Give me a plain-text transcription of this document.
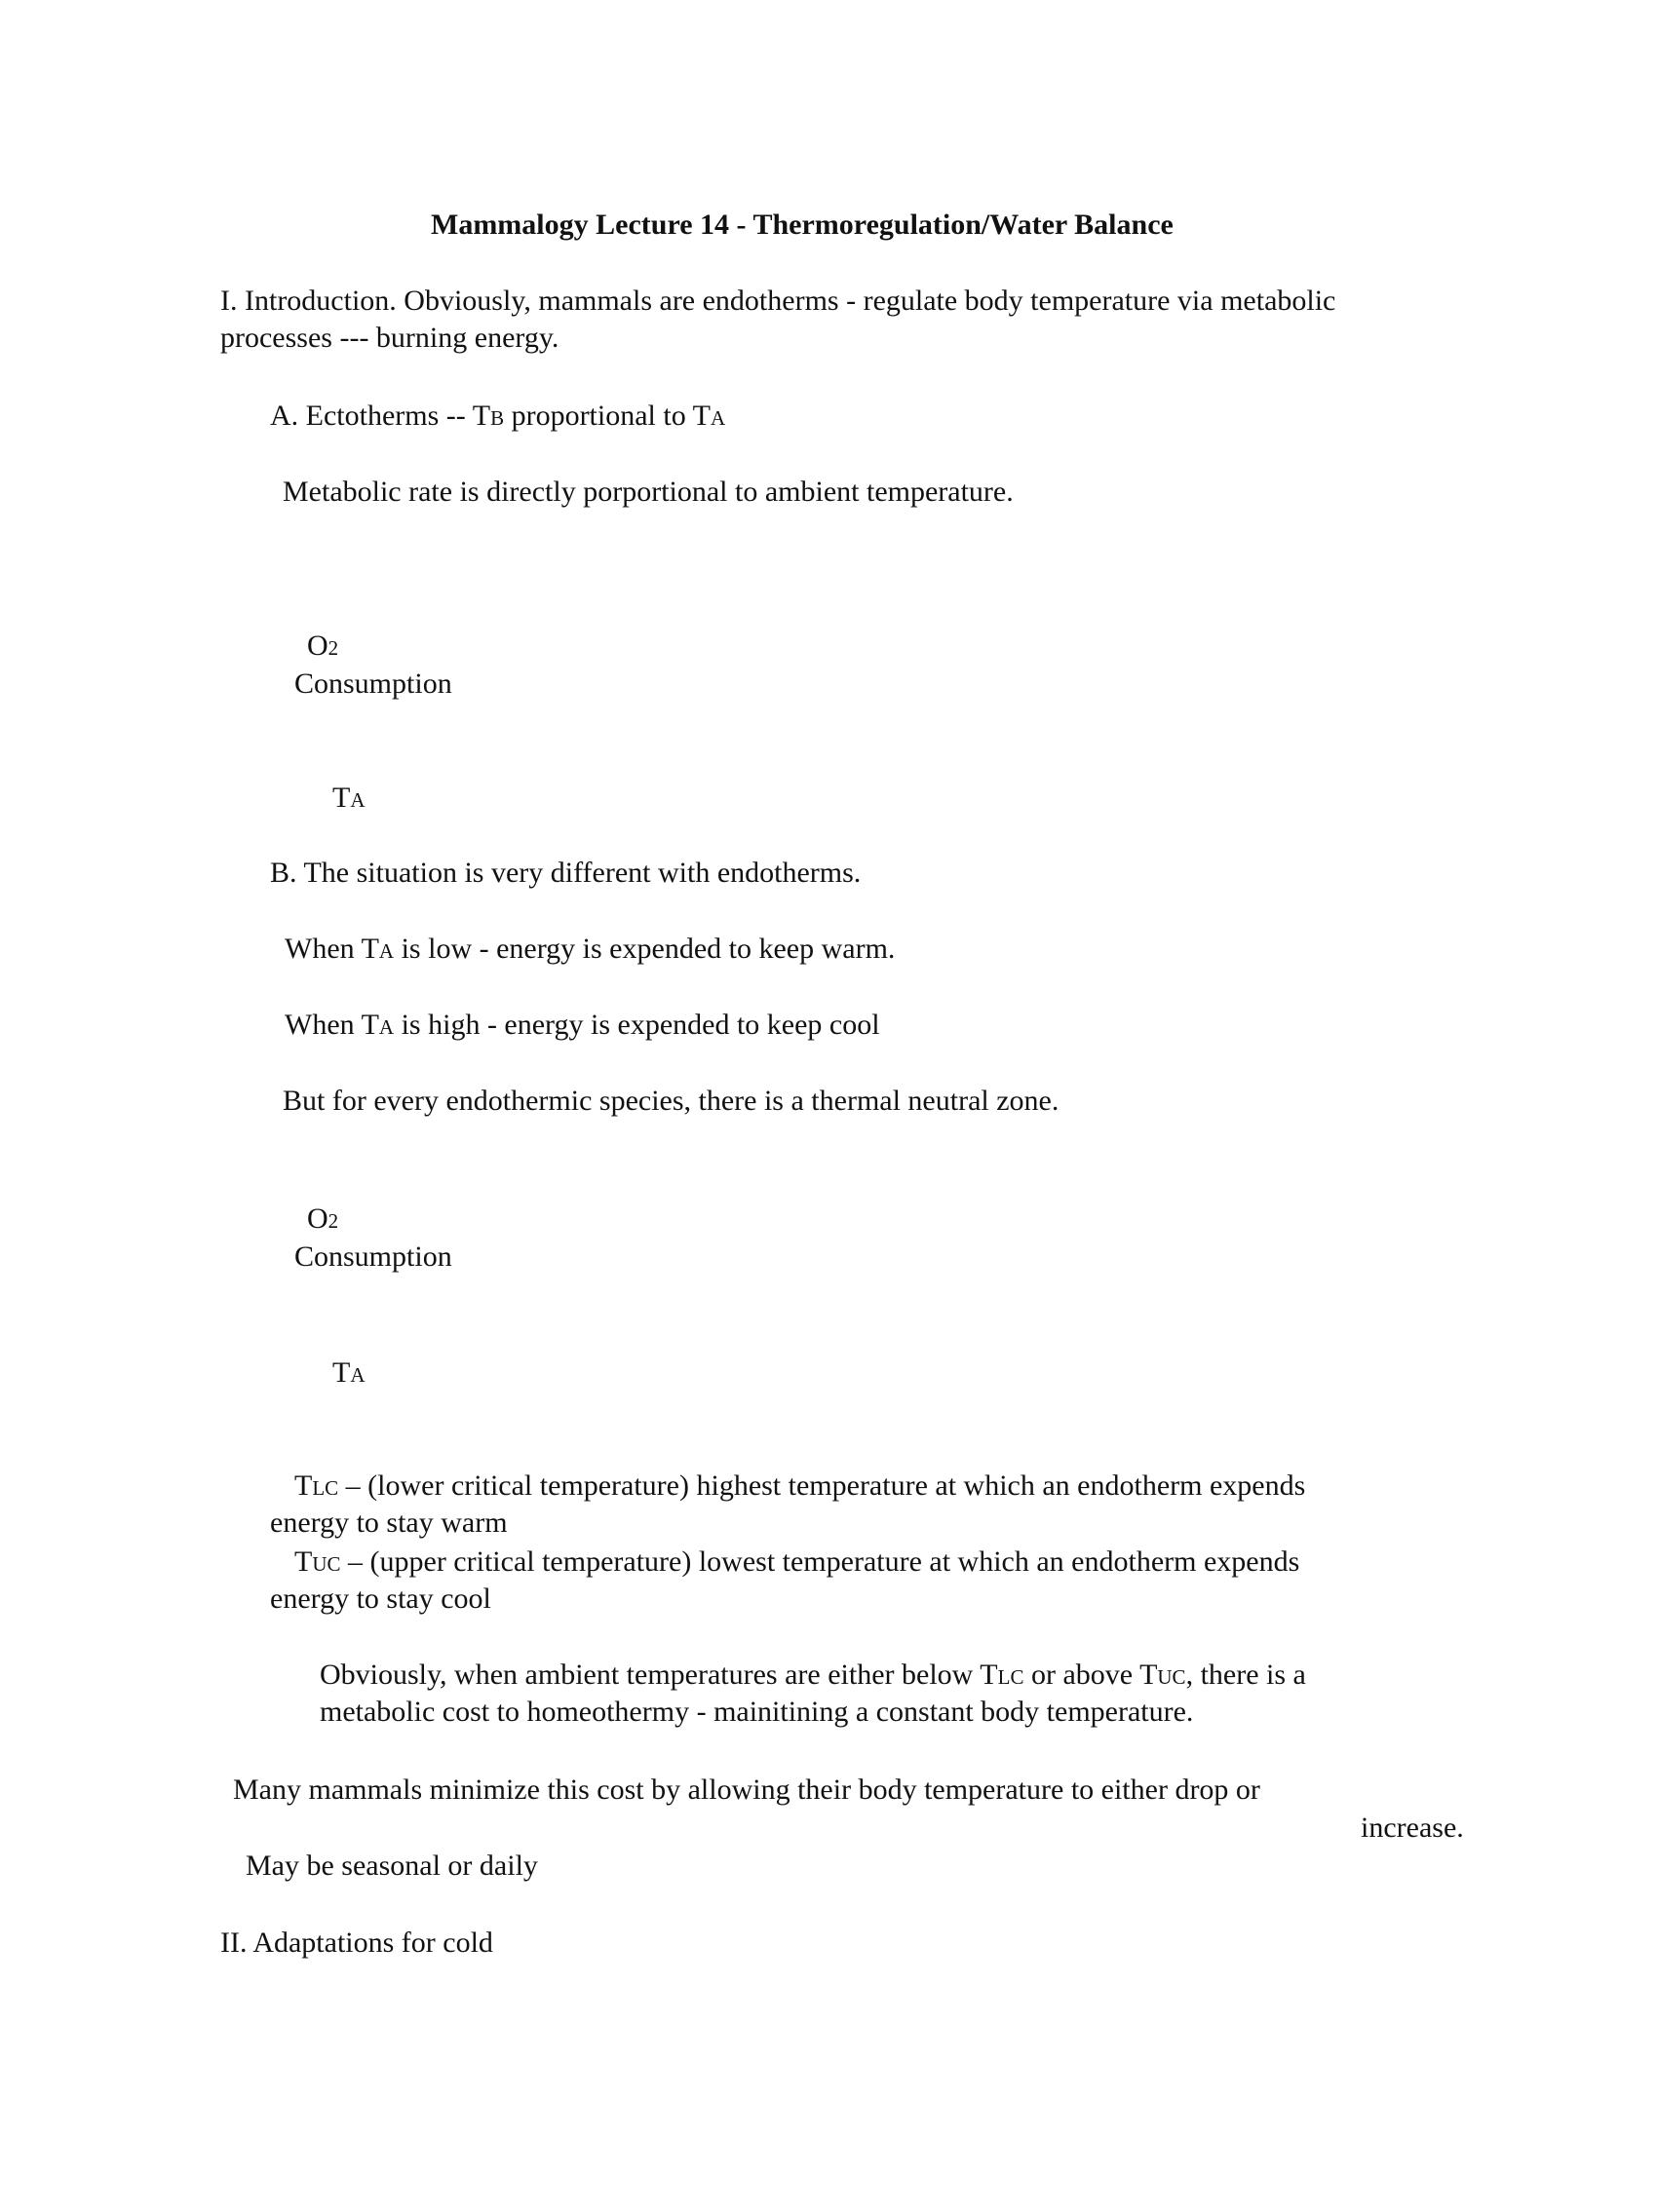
Mammalogy Lecture 14 - Thermoregulation/Water Balance
I. Introduction. Obviously, mammals are endotherms - regulate body temperature via metabolic
processes --- burning energy.
A. Ectotherms -- TB proportional to TA
Metabolic rate is directly porportional to ambient temperature.
O2
Consumption
TA
B. The situation is very different with endotherms.
When TA is low - energy is expended to keep warm.
When TA is high - energy is expended to keep cool
But for every endothermic species, there is a thermal neutral zone.
O2
Consumption
TA
TLC – (lower critical temperature) highest temperature at which an endotherm expends
energy to stay warm
TUC – (upper critical temperature) lowest temperature at which an endotherm expends
energy to stay cool
Obviously, when ambient temperatures are either below TLC or above TUC, there is a
metabolic cost to homeothermy - mainitining a constant body temperature.
Many mammals minimize this cost by allowing their body temperature to either drop or
increase.
May be seasonal or daily
II. Adaptations for cold
